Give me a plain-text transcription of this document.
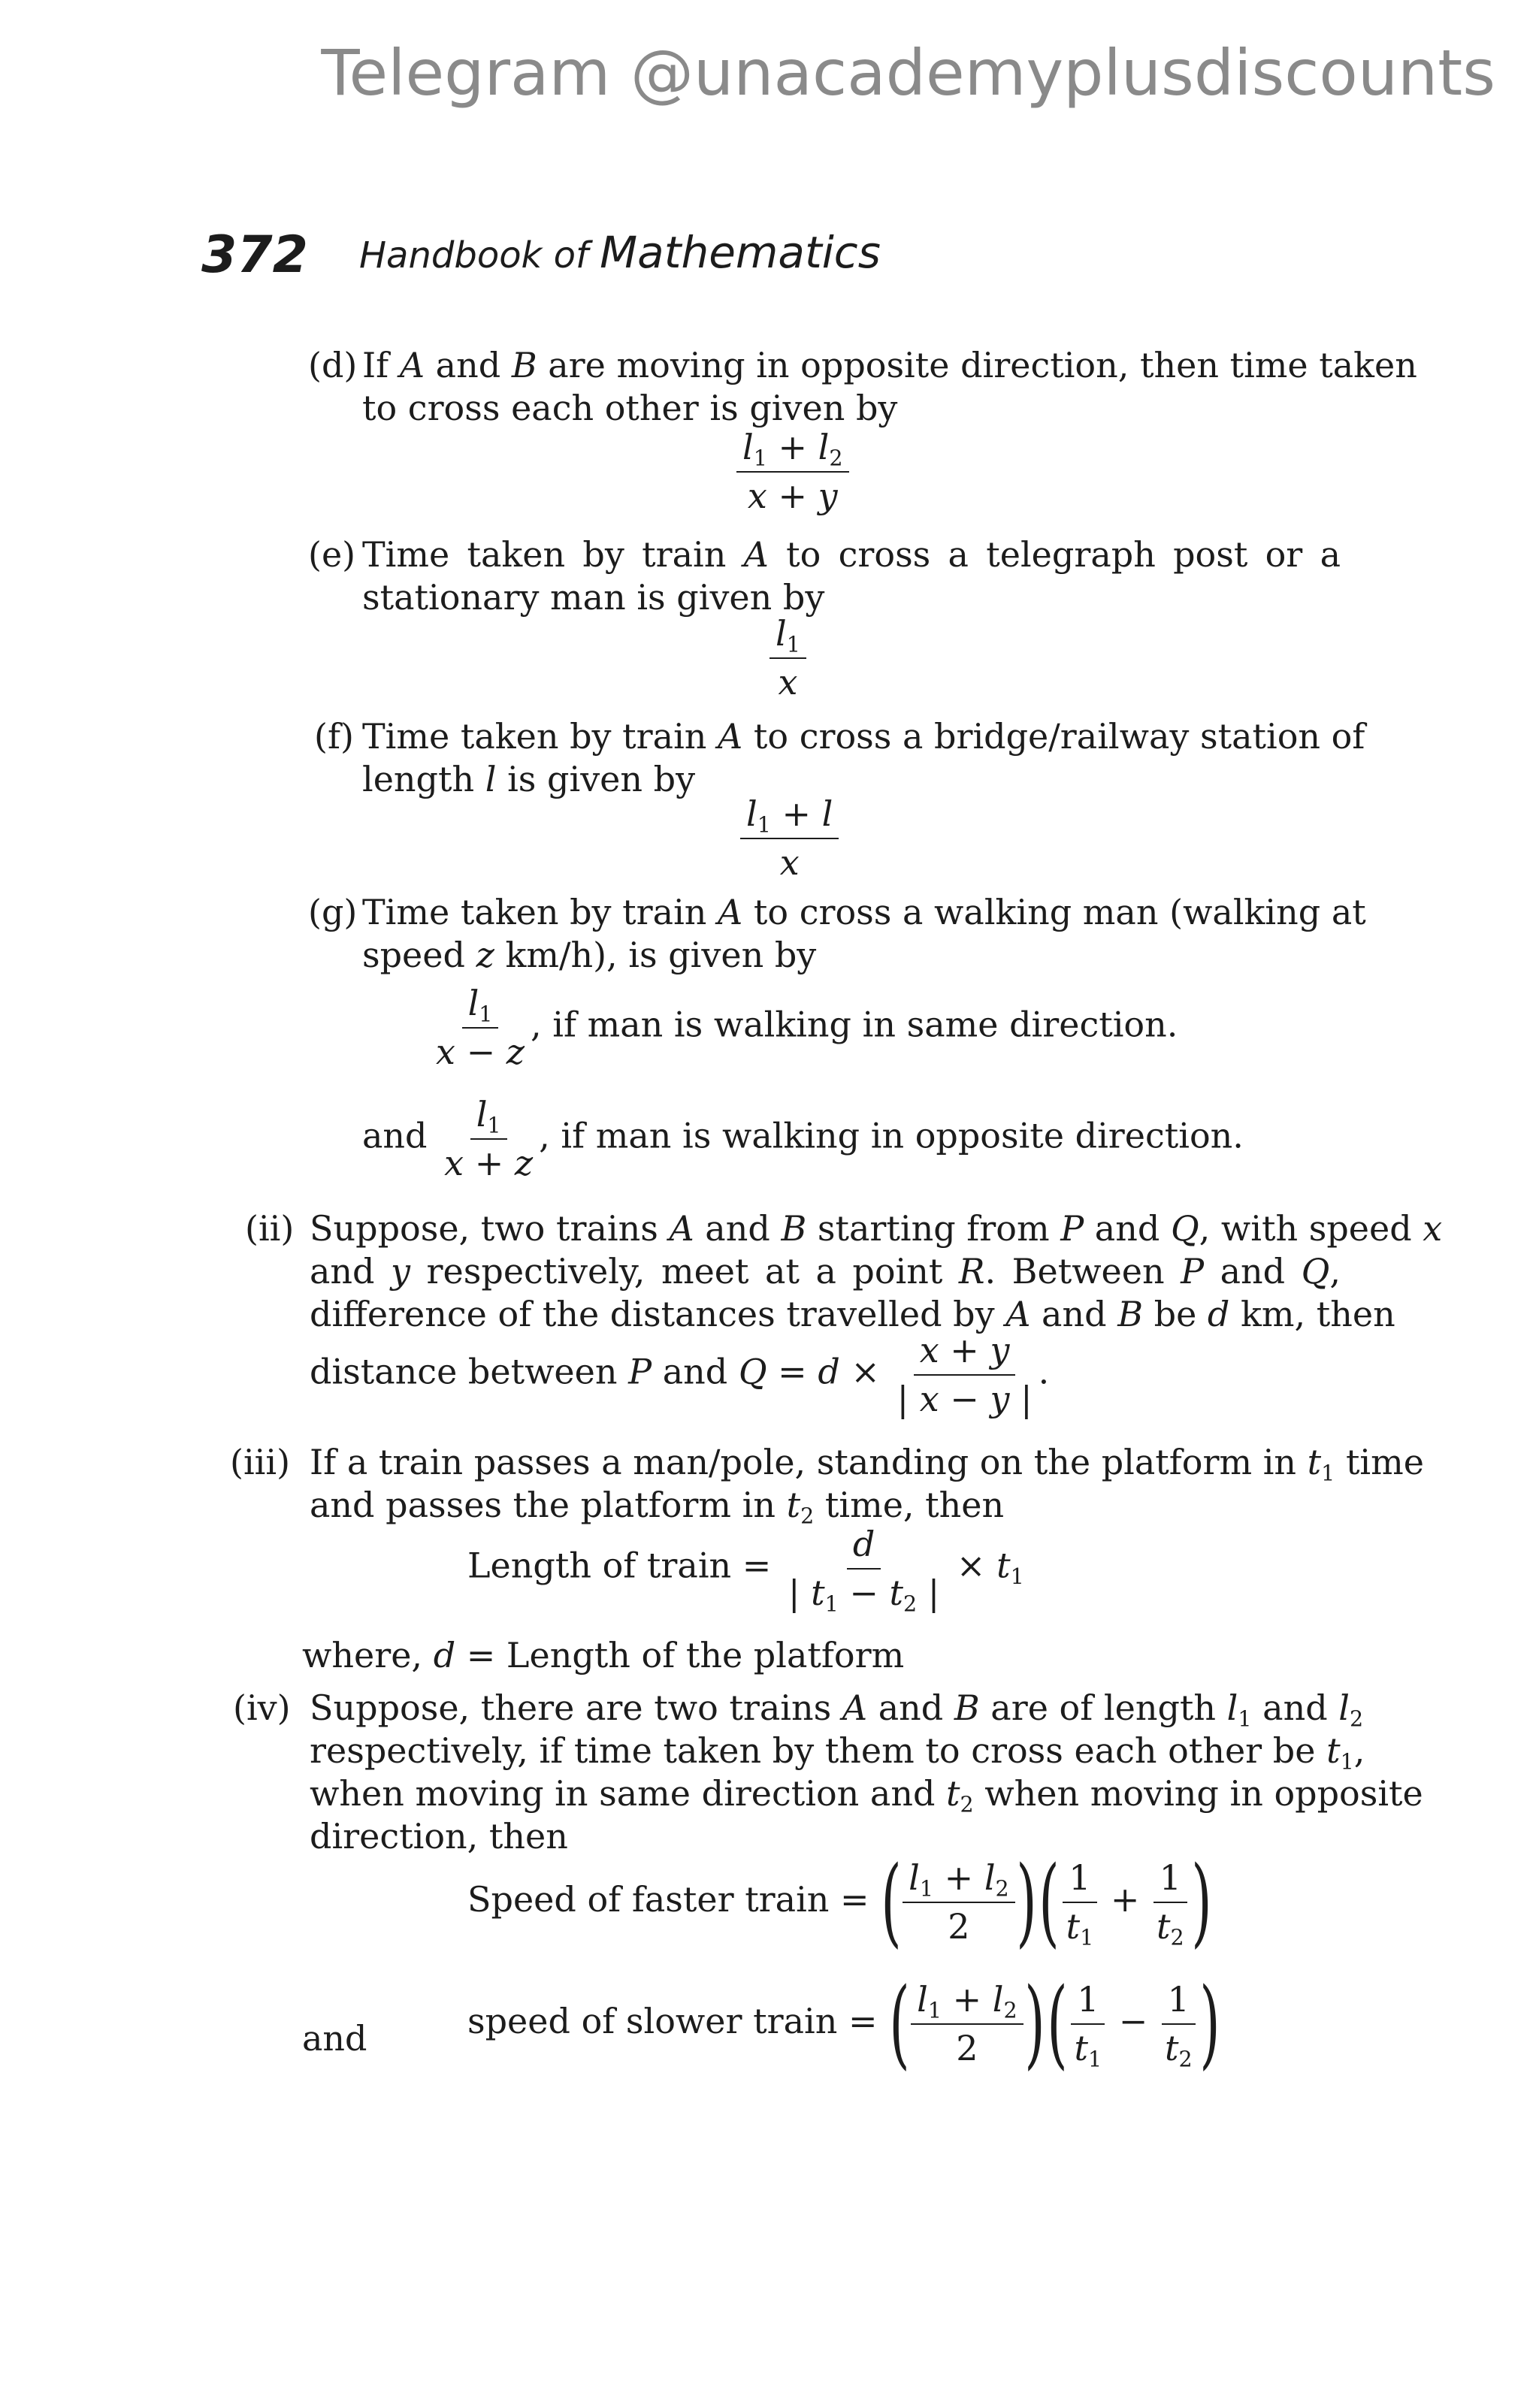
Telegram @unacademyplusdiscounts
372 Handbook of Mathematics
(d) If A and B are moving in opposite direction, then time taken
to cross each other is given by
$\frac{l_1 + l_2}{x + y}$
(e) Time taken by train A to cross a telegraph post or a
stationary man is given by
$\frac{l_1}{x}$
(f) Time taken by train A to cross a bridge/railway station of
length l is given by
$\frac{l_1 + l}{x}$
(g) Time taken by train A to cross a walking man (walking at
speed z km/h), is given by
$\frac{l_1}{x - z}$ , if man is walking in same direction.
and $\frac{l_1}{x + z}$ , if man is walking in opposite direction.
(ii) Suppose, two trains A and B starting from P and Q, with speed x
and y respectively, meet at a point R. Between P and Q,
difference of the distances travelled by A and B be d km, then
distance between P and $Q = d \times \frac{x + y}{| x - y |}$ .
(iii) If a train passes a man/pole, standing on the platform in $t_1$ time
and passes the platform in $t_2$ time, then
Length of train = $\frac{d}{| t_1 - t_2 |} \times t_1$
where, d = Length of the platform
(iv) Suppose, there are two trains A and B are of length $l_1$ and $l_2$
respectively, if time taken by them to cross each other be $t_1$,
when moving in same direction and $t_2$ when moving in opposite
direction, then
Speed of faster train = ( $\frac{l_1 + l_2}{2}$ )( $\frac{1}{t_1} + \frac{1}{t_2}$ )
and	speed of slower train = ( $\frac{l_1 + l_2}{2}$ )( $\frac{1}{t_1} - \frac{1}{t_2}$ )
